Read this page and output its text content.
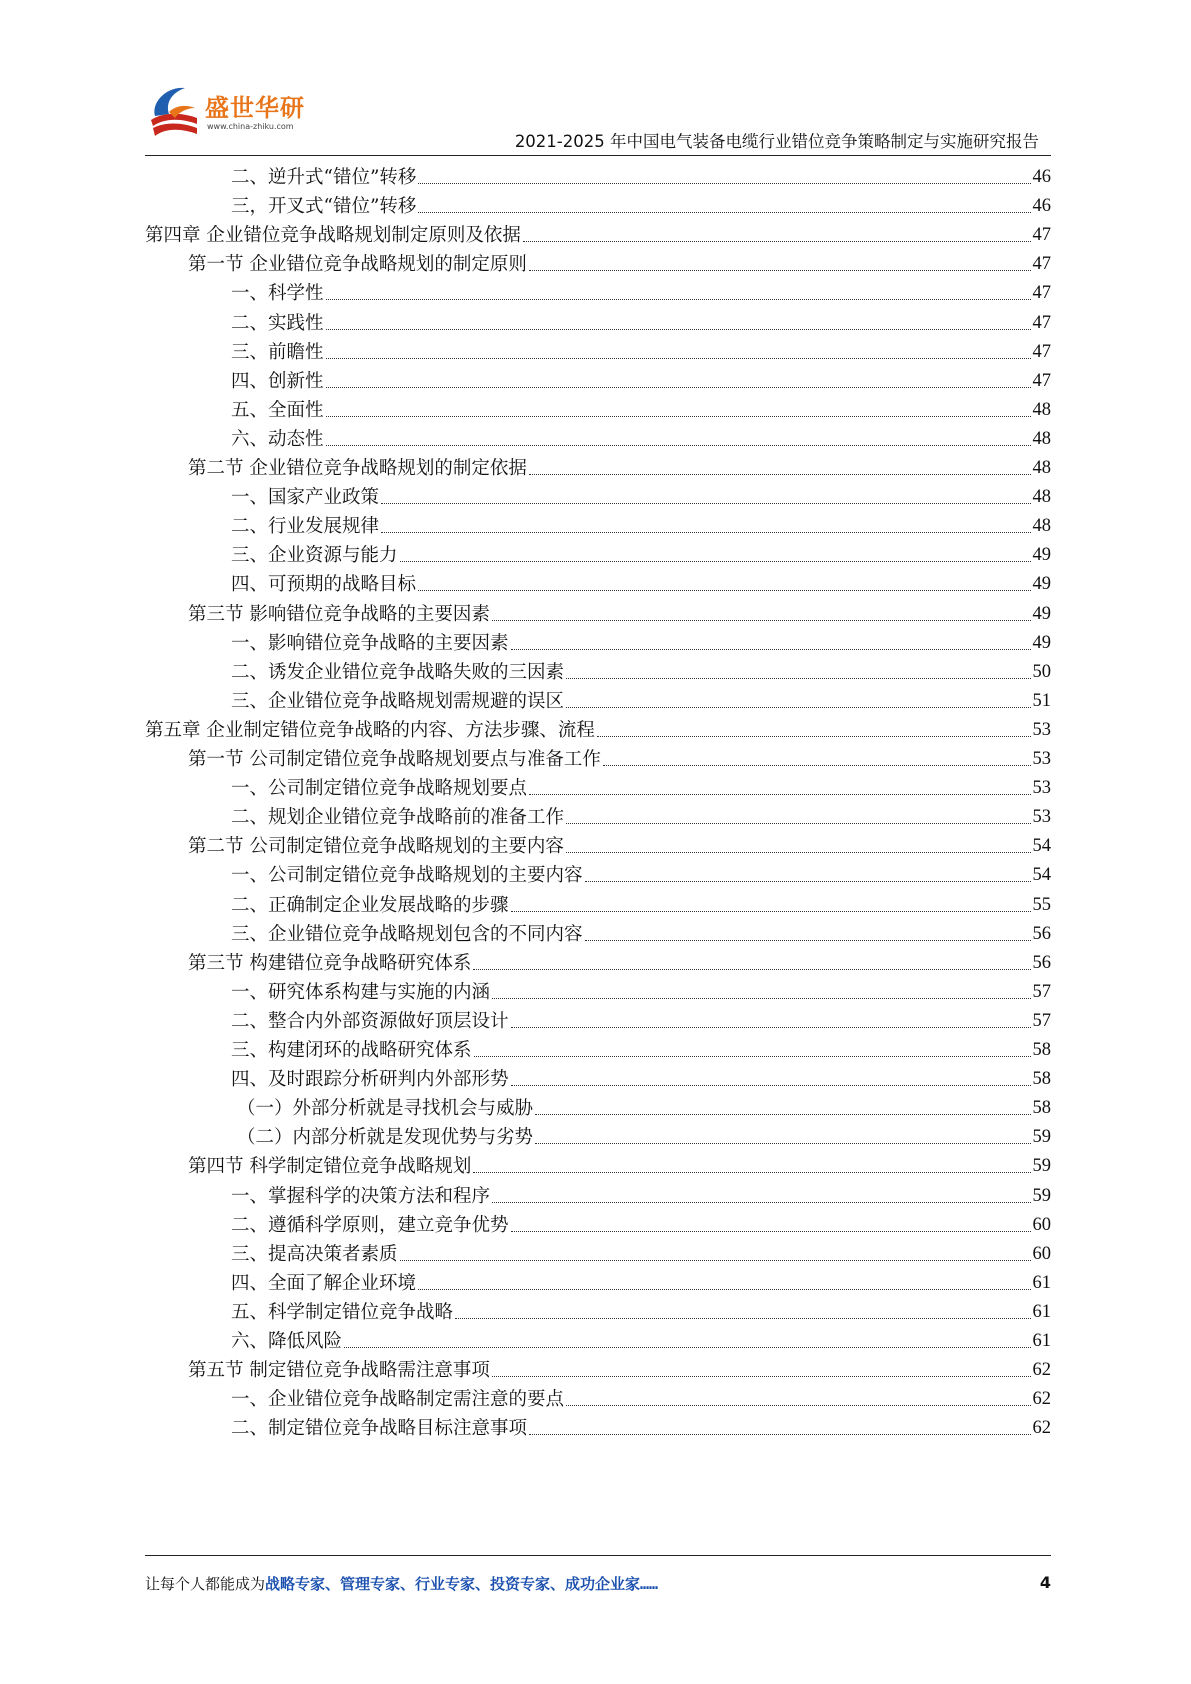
盛世华研
www.china-zhiku.com
2021-2025 年中国电气装备电缆行业错位竞争策略制定与实施研究报告
二、逆升式“错位”转移	46
三，开叉式“错位”转移	46
第四章 企业错位竞争战略规划制定原则及依据	47
第一节 企业错位竞争战略规划的制定原则	47
一、科学性	47
二、实践性	47
三、前瞻性	47
四、创新性	47
五、全面性	48
六、动态性	48
第二节 企业错位竞争战略规划的制定依据	48
一、国家产业政策	48
二、行业发展规律	48
三、企业资源与能力	49
四、可预期的战略目标	49
第三节 影响错位竞争战略的主要因素	49
一、影响错位竞争战略的主要因素	49
二、诱发企业错位竞争战略失败的三因素	50
三、企业错位竞争战略规划需规避的误区	51
第五章 企业制定错位竞争战略的内容、方法步骤、流程	53
第一节 公司制定错位竞争战略规划要点与准备工作	53
一、公司制定错位竞争战略规划要点	53
二、规划企业错位竞争战略前的准备工作	53
第二节 公司制定错位竞争战略规划的主要内容	54
一、公司制定错位竞争战略规划的主要内容	54
二、正确制定企业发展战略的步骤	55
三、企业错位竞争战略规划包含的不同内容	56
第三节 构建错位竞争战略研究体系	56
一、研究体系构建与实施的内涵	57
二、整合内外部资源做好顶层设计	57
三、构建闭环的战略研究体系	58
四、及时跟踪分析研判内外部形势	58
（一）外部分析就是寻找机会与威胁	58
（二）内部分析就是发现优势与劣势	59
第四节 科学制定错位竞争战略规划	59
一、掌握科学的决策方法和程序	59
二、遵循科学原则，建立竞争优势	60
三、提高决策者素质	60
四、全面了解企业环境	61
五、科学制定错位竞争战略	61
六、降低风险	61
第五节 制定错位竞争战略需注意事项	62
一、企业错位竞争战略制定需注意的要点	62
二、制定错位竞争战略目标注意事项	62
让每个人都能成为战略专家、管理专家、行业专家、投资专家、成功企业家……	4
